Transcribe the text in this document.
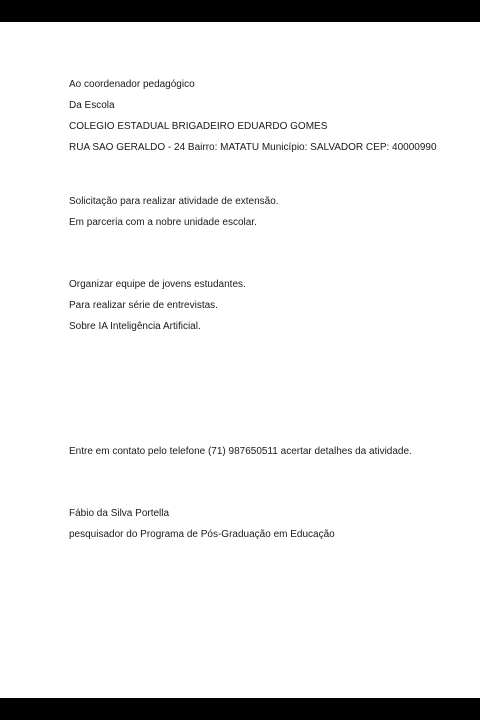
Ao coordenador pedagógico

Da Escola

COLEGIO ESTADUAL BRIGADEIRO EDUARDO GOMES

RUA SAO GERALDO - 24 Bairro: MATATU Município: SALVADOR CEP: 40000990

Solicitação para realizar atividade de extensão.

Em parceria com a nobre unidade escolar.

Organizar equipe de jovens estudantes.

Para realizar série de entrevistas.

Sobre IA Inteligência Artificial.

Entre em contato pelo telefone (71) 987650511 acertar detalhes da atividade.

Fábio da Silva Portella

pesquisador do Programa de Pós-Graduação em Educação
